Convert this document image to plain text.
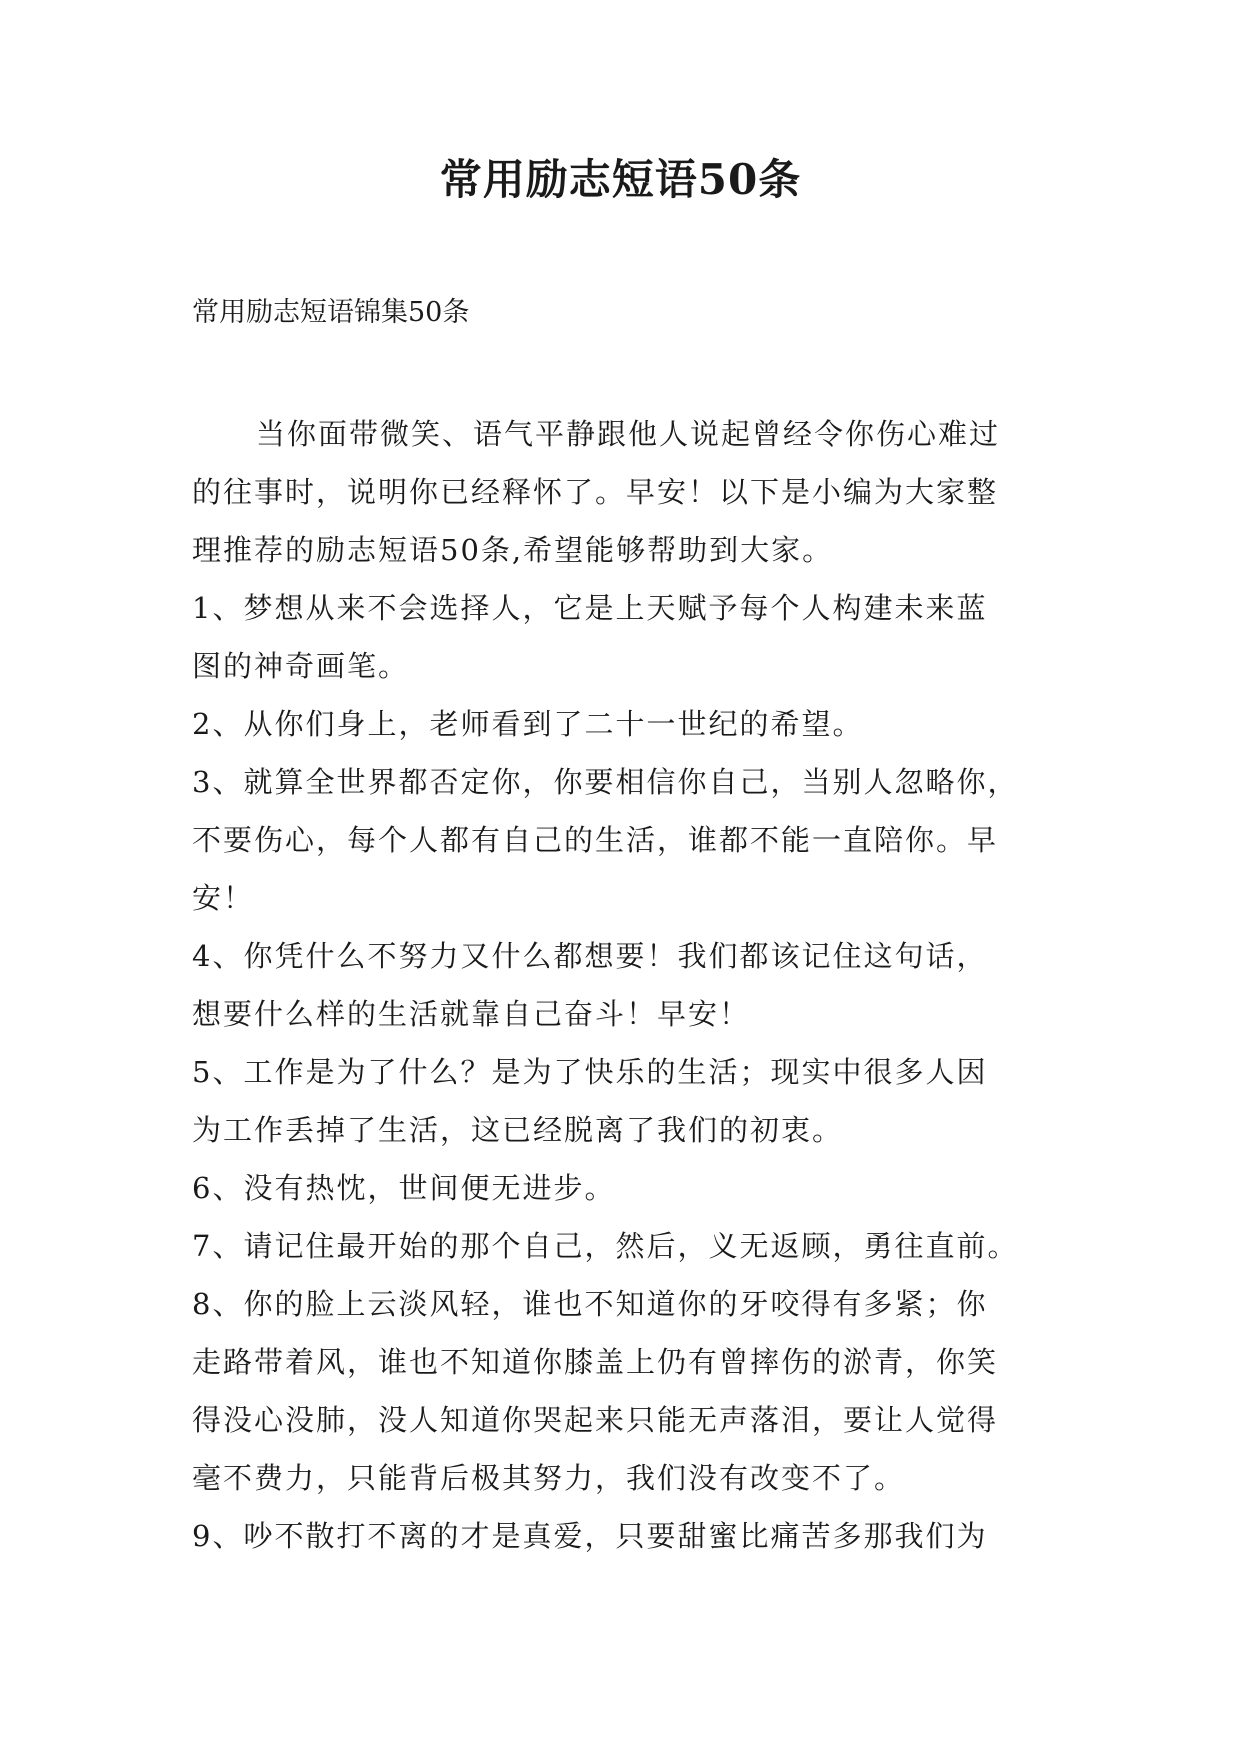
常用励志短语50条
常用励志短语锦集50条
当你面带微笑、语气平静跟他人说起曾经令你伤心难过
的往事时，说明你已经释怀了。早安！以下是小编为大家整
理推荐的励志短语50条,希望能够帮助到大家。
1、梦想从来不会选择人，它是上天赋予每个人构建未来蓝
图的神奇画笔。
2、从你们身上，老师看到了二十一世纪的希望。
3、就算全世界都否定你，你要相信你自己，当别人忽略你，
不要伤心，每个人都有自己的生活，谁都不能一直陪你。早
安！
4、你凭什么不努力又什么都想要！我们都该记住这句话，
想要什么样的生活就靠自己奋斗！早安！
5、工作是为了什么？是为了快乐的生活；现实中很多人因
为工作丢掉了生活，这已经脱离了我们的初衷。
6、没有热忱，世间便无进步。
7、请记住最开始的那个自己，然后，义无返顾，勇往直前。
8、你的脸上云淡风轻，谁也不知道你的牙咬得有多紧；你
走路带着风，谁也不知道你膝盖上仍有曾摔伤的淤青，你笑
得没心没肺，没人知道你哭起来只能无声落泪，要让人觉得
毫不费力，只能背后极其努力，我们没有改变不了。
9、吵不散打不离的才是真爱，只要甜蜜比痛苦多那我们为
